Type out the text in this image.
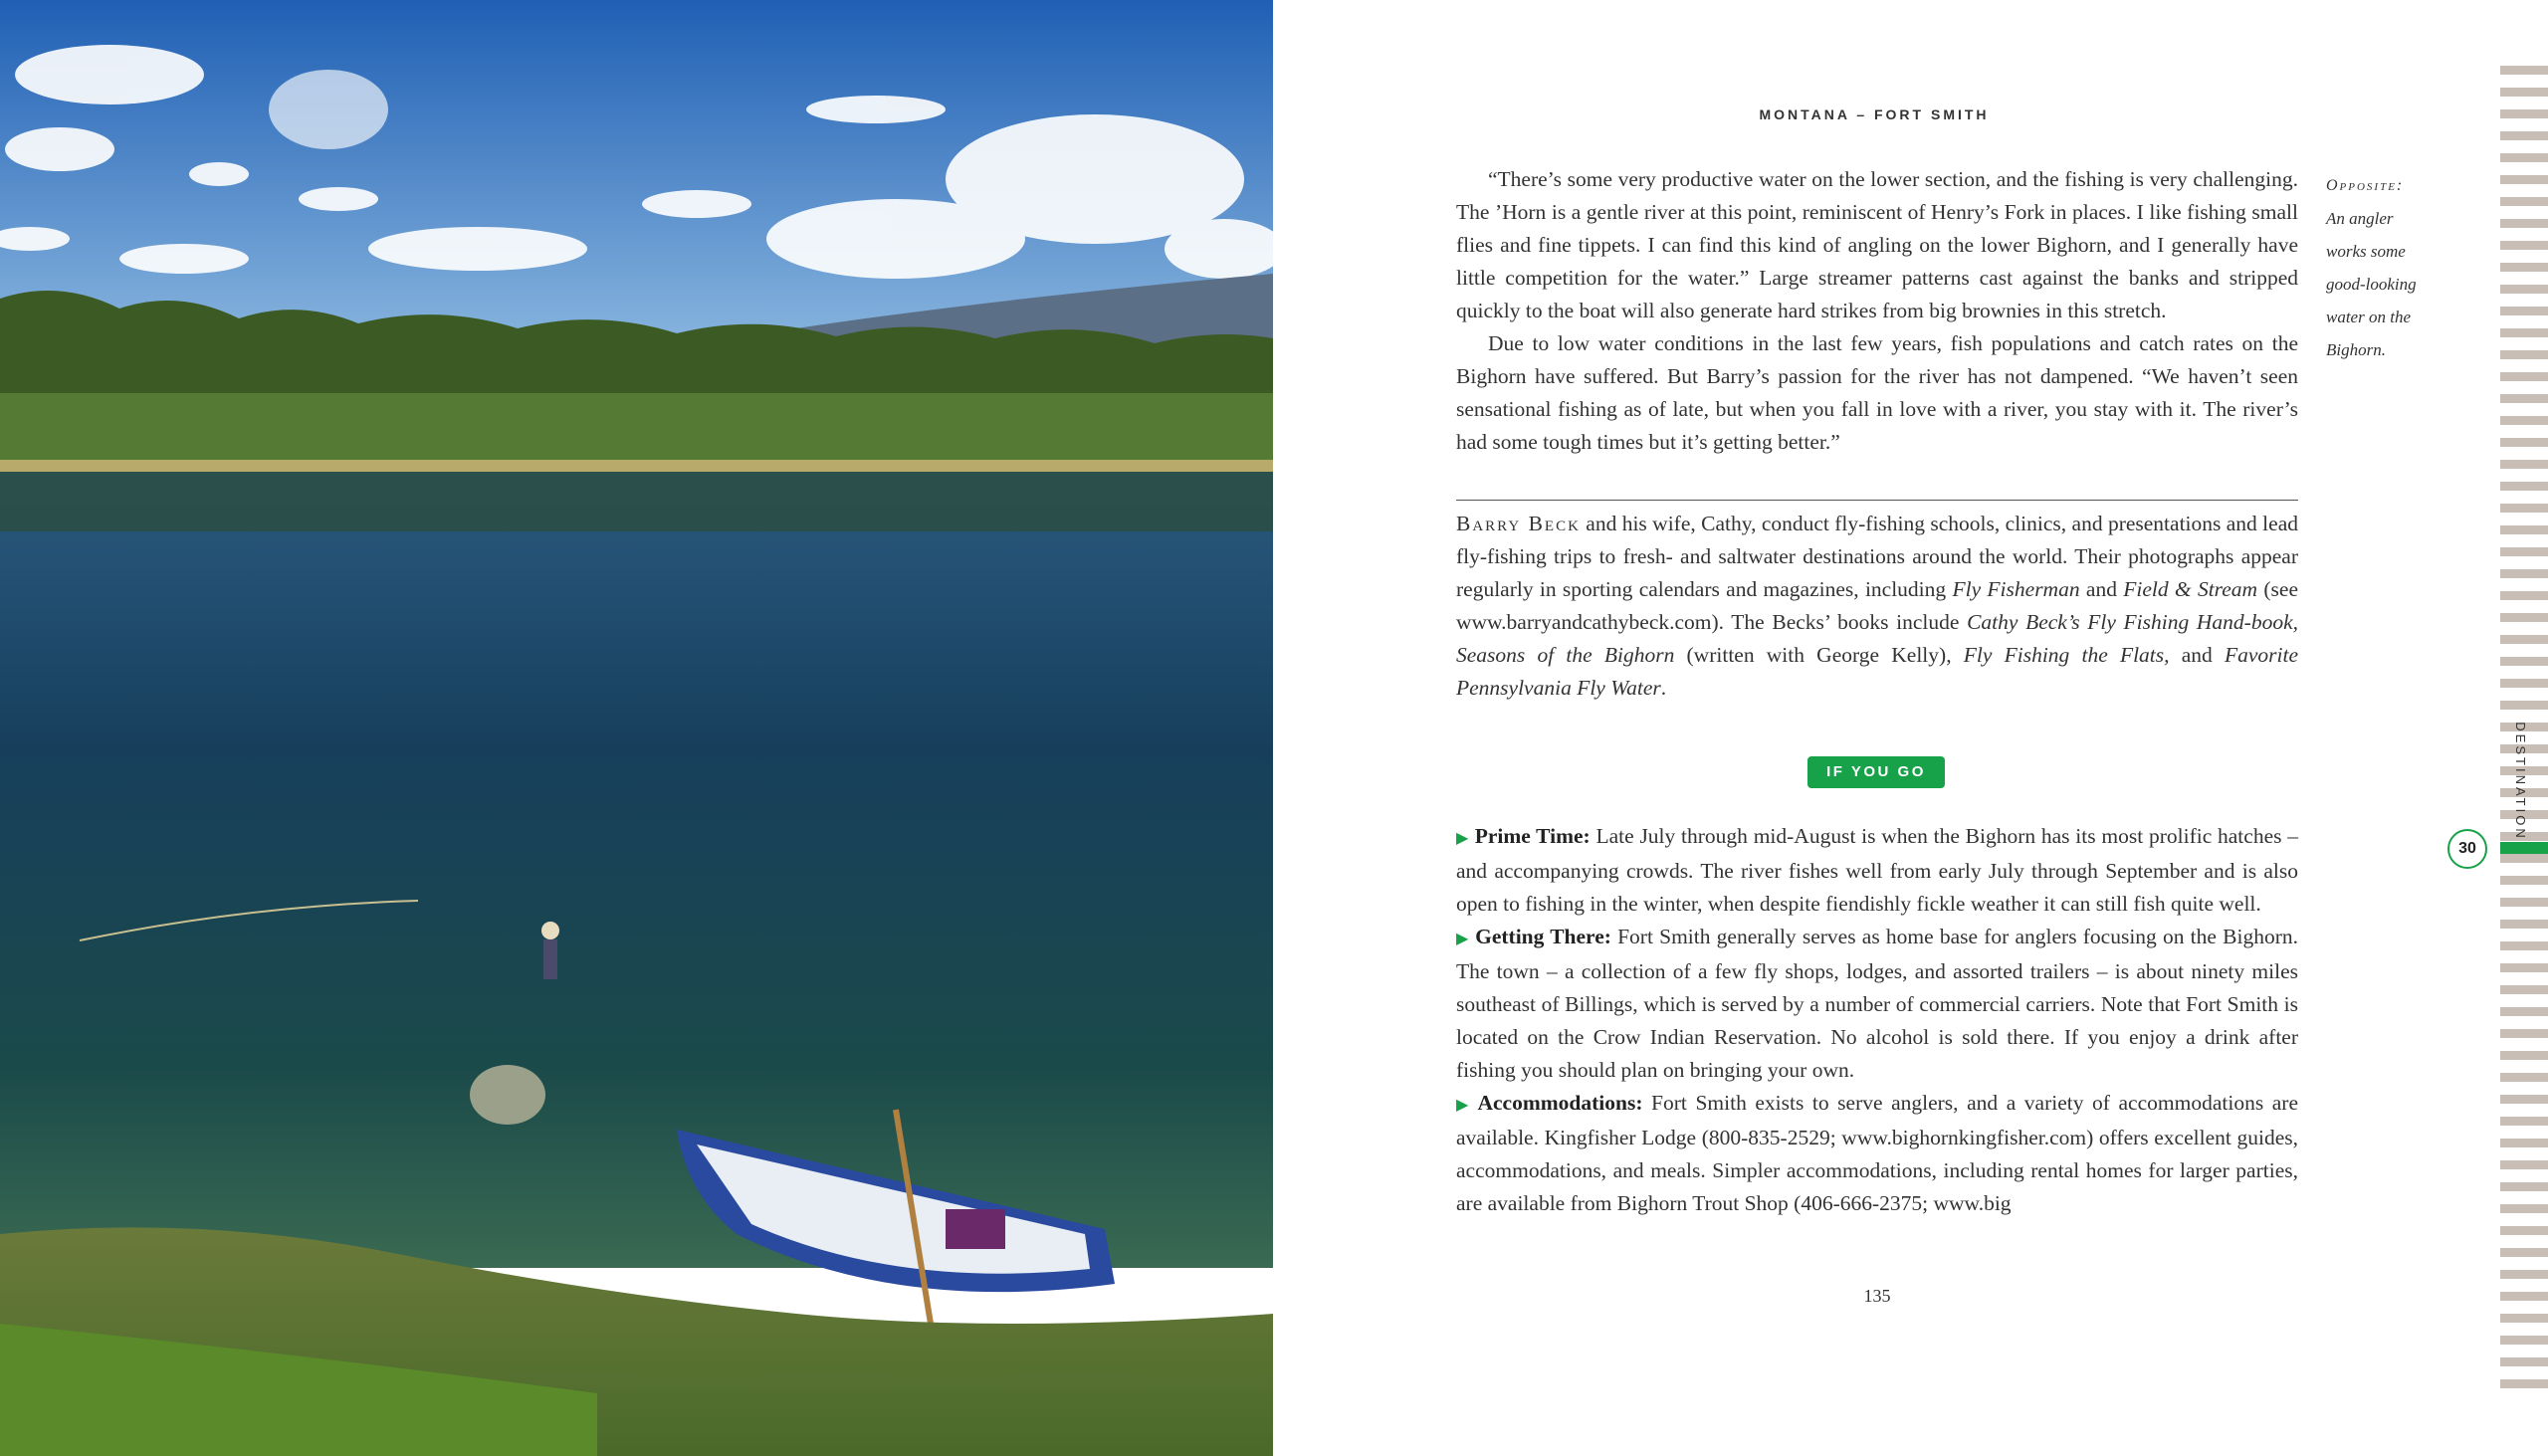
MONTANA – FORT SMITH

“There’s some very productive water on the lower section, and the fishing is very challenging. The ’Horn is a gentle river at this point, reminiscent of Henry’s Fork in places. I like fishing small flies and fine tippets. I can find this kind of angling on the lower Bighorn, and I generally have little competition for the water.” Large streamer patterns cast against the banks and stripped quickly to the boat will also generate hard strikes from big brownies in this stretch.

Due to low water conditions in the last few years, fish populations and catch rates on the Bighorn have suffered. But Barry’s passion for the river has not dampened. “We haven’t seen sensational fishing as of late, but when you fall in love with a river, you stay with it. The river’s had some tough times but it’s getting better.”

Barry Beck and his wife, Cathy, conduct fly-fishing schools, clinics, and presentations and lead fly-fishing trips to fresh- and saltwater destinations around the world. Their photographs appear regularly in sporting calendars and magazines, including Fly Fisherman and Field & Stream (see www.barryandcathybeck.com). The Becks’ books include Cathy Beck’s Fly Fishing Hand-book, Seasons of the Bighorn (written with George Kelly), Fly Fishing the Flats, and Favorite Pennsylvania Fly Water.

IF YOU GO

▶ Prime Time: Late July through mid-August is when the Bighorn has its most prolific hatches – and accompanying crowds. The river fishes well from early July through September and is also open to fishing in the winter, when despite fiendishly fickle weather it can still fish quite well.

▶ Getting There: Fort Smith generally serves as home base for anglers focusing on the Bighorn. The town – a collection of a few fly shops, lodges, and assorted trailers – is about ninety miles southeast of Billings, which is served by a number of commercial carriers. Note that Fort Smith is located on the Crow Indian Reservation. No alcohol is sold there. If you enjoy a drink after fishing you should plan on bringing your own.

▶ Accommodations: Fort Smith exists to serve anglers, and a variety of accommodations are available. Kingfisher Lodge (800-835-2529; www.bighornkingfisher.com) offers excellent guides, accommodations, and meals. Simpler accommodations, including rental homes for larger parties, are available from Bighorn Trout Shop (406-666-2375; www.big

135
Opposite:
An angler works some good-looking water on the Bighorn.
DESTINATION
30
